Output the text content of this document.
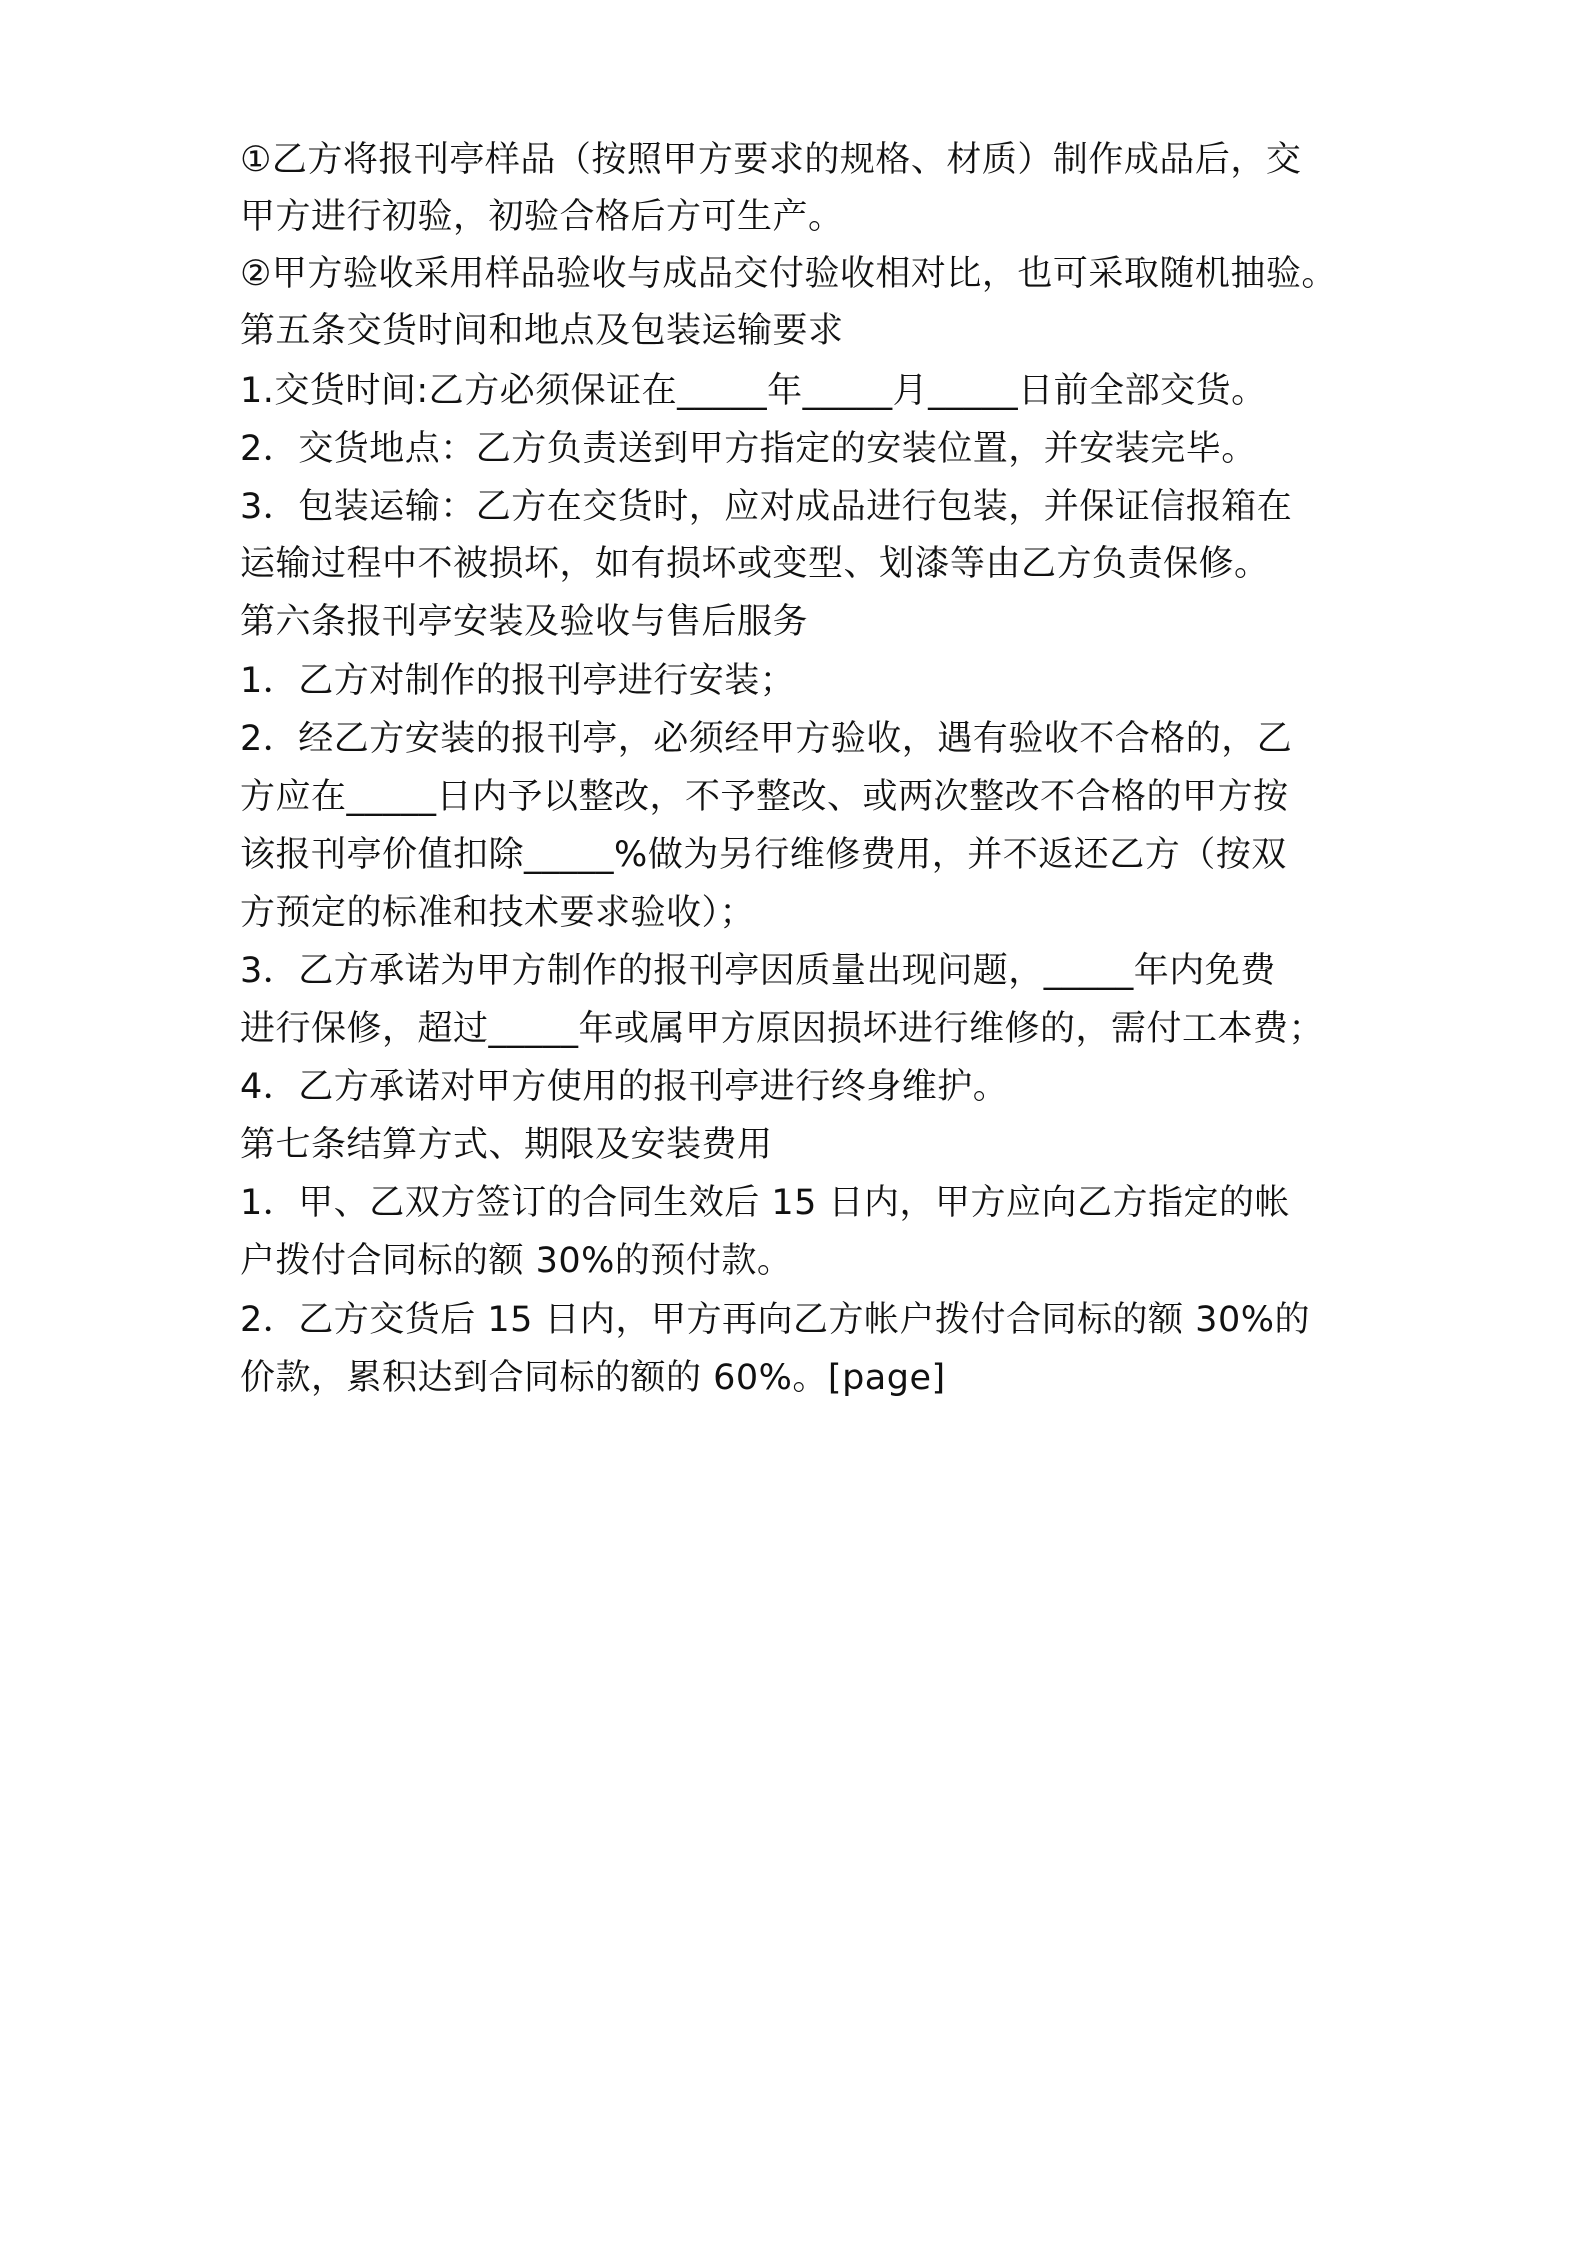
①乙方将报刊亭样品（按照甲方要求的规格、材质）制作成品后，交
甲方进行初验，初验合格后方可生产。
②甲方验收采用样品验收与成品交付验收相对比，也可采取随机抽验。
第五条交货时间和地点及包装运输要求
1.交货时间:乙方必须保证在_____年_____月_____日前全部交货。
2．交货地点：乙方负责送到甲方指定的安装位置，并安装完毕。
3．包装运输：乙方在交货时，应对成品进行包装，并保证信报箱在
运输过程中不被损坏，如有损坏或变型、划漆等由乙方负责保修。
第六条报刊亭安装及验收与售后服务
1．乙方对制作的报刊亭进行安装；
2．经乙方安装的报刊亭，必须经甲方验收，遇有验收不合格的，乙
方应在_____日内予以整改，不予整改、或两次整改不合格的甲方按
该报刊亭价值扣除_____%做为另行维修费用，并不返还乙方（按双
方预定的标准和技术要求验收）；
3．乙方承诺为甲方制作的报刊亭因质量出现问题，_____年内免费
进行保修，超过_____年或属甲方原因损坏进行维修的，需付工本费；
4．乙方承诺对甲方使用的报刊亭进行终身维护。
第七条结算方式、期限及安装费用
1．甲、乙双方签订的合同生效后 15 日内，甲方应向乙方指定的帐
户拨付合同标的额 30%的预付款。
2．乙方交货后 15 日内，甲方再向乙方帐户拨付合同标的额 30%的
价款，累积达到合同标的额的 60%。[page]
